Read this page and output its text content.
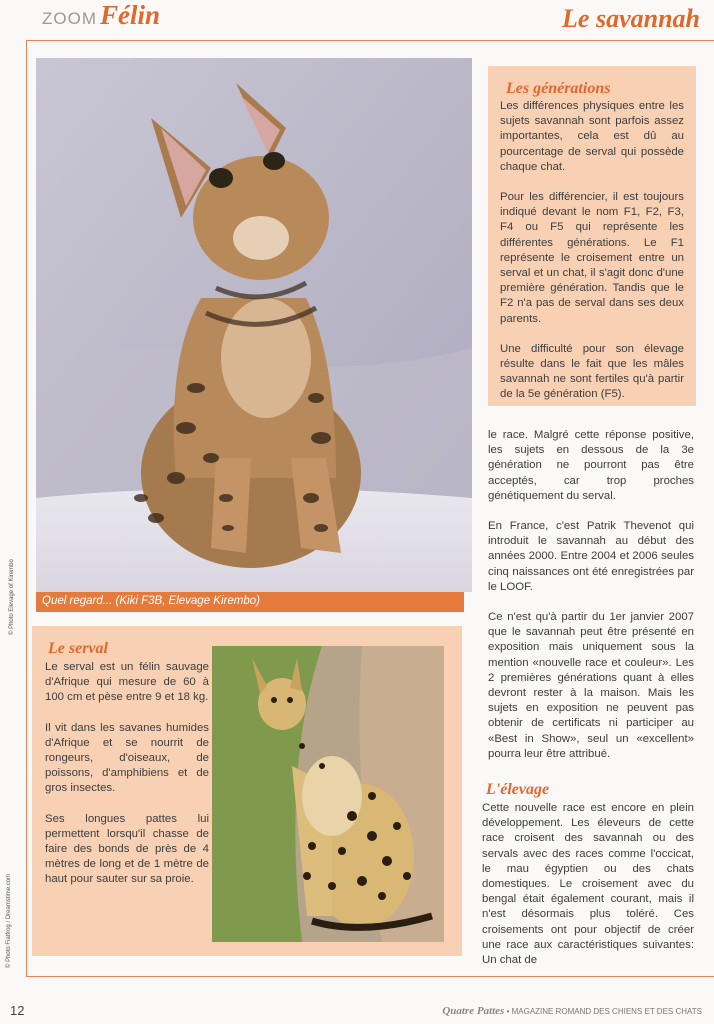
ZOOM Félin	Le savannah
Quel regard... (Kiki F3B, Elevage Kirembo)
© Photo Elevage of Kirembo
Les générations

Les différences physiques entre les sujets savannah sont parfois assez importantes, cela est dû au pourcentage de serval qui possède chaque chat.

Pour les différencier, il est toujours indiqué devant le nom F1, F2, F3, F4 ou F5 qui représente les différentes générations. Le F1 représente le croisement entre un serval et un chat, il s'agit donc d'une première génération. Tandis que le F2 n'a pas de serval dans ses deux parents.

Une difficulté pour son élevage résulte dans le fait que les mâles savannah ne sont fertiles qu'à partir de la 5e génération (F5).

le race. Malgré cette réponse positive, les sujets en dessous de la 3e génération ne pourront pas être acceptés, car trop proches génétiquement du serval.

En France, c'est Patrik Thevenot qui introduit le savannah au début des années 2000. Entre 2004 et 2006 seules cinq naissances ont été enregistrées par le LOOF.

Ce n'est qu'à partir du 1er janvier 2007 que le savannah peut être présenté en exposition mais uniquement sous la mention «nouvelle race et couleur». Les 2 premières générations quant à elles devront rester à la maison. Mais les sujets en exposition ne peuvent pas obtenir de certificats ni participer au «Best in Show», seul un «excellent» pourra leur être attribué.

L'élevage
Cette nouvelle race est encore en plein développement. Les éleveurs de cette race croisent des savannah ou des servals avec des races comme l'occicat, le mau égyptien ou des chats domestiques. Le croisement avec du bengal était également courant, mais il n'est désormais plus toléré. Ces croisements ont pour objectif de créer une race aux caractéristiques suivantes: Un chat de
Le serval

Le serval est un félin sauvage d'Afrique qui mesure de 60 à 100 cm et pèse entre 9 et 18 kg.

Il vit dans les savanes humides d'Afrique et se nourrit de rongeurs, d'oiseaux, de poissons, d'amphibiens et de gros insectes.

Ses longues pattes lui permettent lorsqu'il chasse de faire des bonds de près de 4 mètres de long et de 1 mètre de haut pour sauter sur sa proie.

© Photo Fiatfrog / Dreamstime.com
12	Quatre Pattes • MAGAZINE ROMAND DES CHIENS ET DES CHATS
